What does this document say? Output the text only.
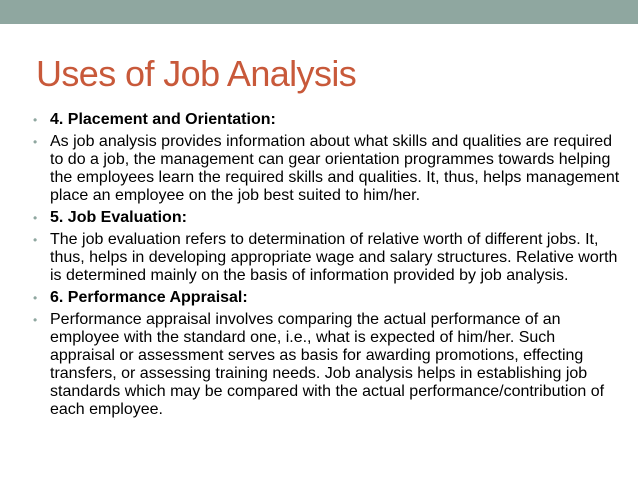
Uses of Job Analysis
• 4. Placement and Orientation:
• As job analysis provides information about what skills and qualities are required to do a job, the management can gear orientation programmes towards helping the employees learn the required skills and qualities. It, thus, helps management place an employee on the job best suited to him/her.
• 5. Job Evaluation:
• The job evaluation refers to determination of relative worth of different jobs. It, thus, helps in developing appropriate wage and salary structures. Relative worth is determined mainly on the basis of information provided by job analysis.
• 6. Performance Appraisal:
• Performance appraisal involves comparing the actual performance of an employee with the standard one, i.e., what is expected of him/her. Such appraisal or assessment serves as basis for awarding promotions, effecting transfers, or assessing training needs. Job analysis helps in establishing job standards which may be compared with the actual performance/contribution of each employee.
